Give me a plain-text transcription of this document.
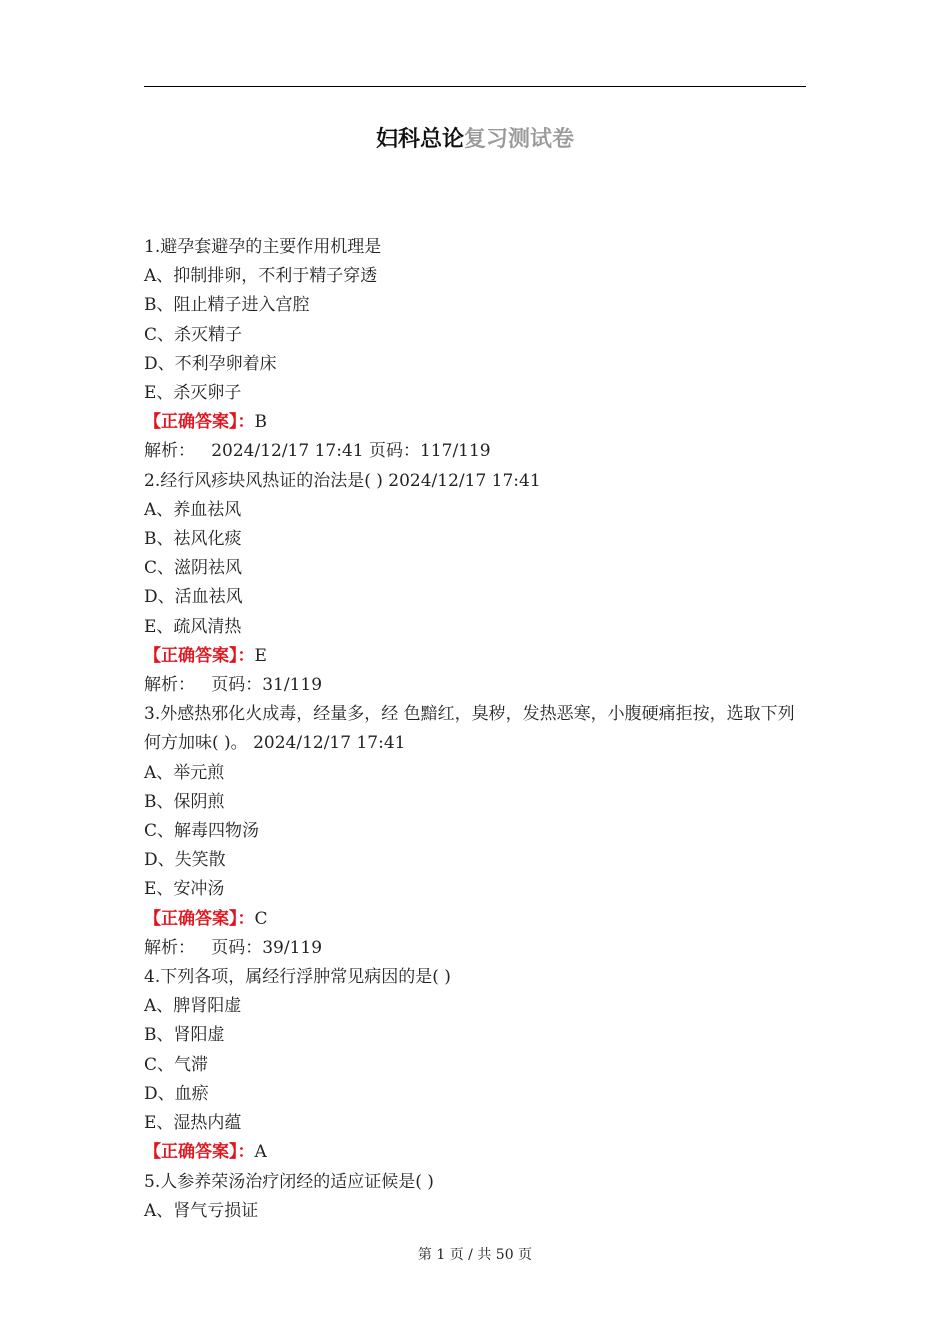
妇科总论复习测试卷
1.避孕套避孕的主要作用机理是
A、抑制排卵，不利于精子穿透
B、阻止精子进入宫腔
C、杀灭精子
D、不利孕卵着床
E、杀灭卵子
【正确答案】：B
解析：   2024/12/17 17:41 页码：117/119
2.经行风疹块风热证的治法是( ) 2024/12/17 17:41
A、养血祛风
B、祛风化痰
C、滋阴祛风
D、活血祛风
E、疏风清热
【正确答案】：E
解析：   页码：31/119
3.外感热邪化火成毒，经量多，经 色黯红，臭秽，发热恶寒，小腹硬痛拒按，选取下列何方加味( )。 2024/12/17 17:41
A、举元煎
B、保阴煎
C、解毒四物汤
D、失笑散
E、安冲汤
【正确答案】：C
解析：   页码：39/119
4.下列各项，属经行浮肿常见病因的是( )
A、脾肾阳虚
B、肾阳虚
C、气滞
D、血瘀
E、湿热内蕴
【正确答案】：A
5.人参养荣汤治疗闭经的适应证候是( )
A、肾气亏损证
第 1 页 / 共 50 页
